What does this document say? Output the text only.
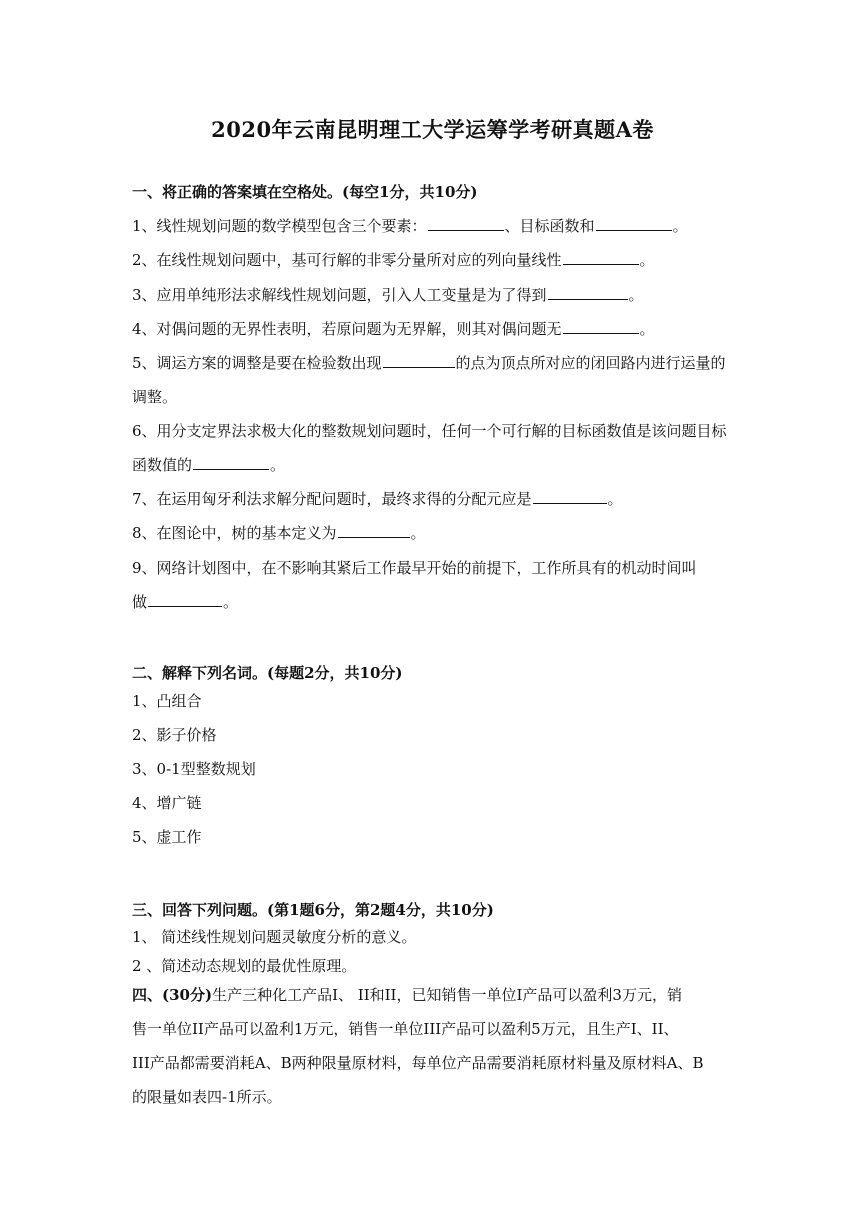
2020年云南昆明理工大学运筹学考研真题A卷
一、将正确的答案填在空格处。(每空1分，共10分)
1、线性规划问题的数学模型包含三个要素：	、目标函数和	。
2、在线性规划问题中，基可行解的非零分量所对应的列向量线性	。
3、应用单纯形法求解线性规划问题，引入人工变量是为了得到	。
4、对偶问题的无界性表明，若原问题为无界解，则其对偶问题无	。
5、调运方案的调整是要在检验数出现	的点为顶点所对应的闭回路内进行运量的
调整。
6、用分支定界法求极大化的整数规划问题时，任何一个可行解的目标函数值是该问题目标
函数值的	。
7、在运用匈牙利法求解分配问题时，最终求得的分配元应是	。
8、在图论中，树的基本定义为	。
9、网络计划图中，在不影响其紧后工作最早开始的前提下，工作所具有的机动时间叫
做	。
二、解释下列名词。(每题2分，共10分)
1、凸组合
2、影子价格
3、0-1型整数规划
4、增广链
5、虚工作
三、回答下列问题。(第1题6分，第2题4分，共10分)
1、 简述线性规划问题灵敏度分析的意义。
2 、简述动态规划的最优性原理。
四、(30分)生产三种化工产品I、 II和II，已知销售一单位I产品可以盈利3万元，销
售一单位II产品可以盈利1万元，销售一单位III产品可以盈利5万元，且生产I、II、
III产品都需要消耗A、B两种限量原材料，每单位产品需要消耗原材料量及原材料A、B
的限量如表四-1所示。
